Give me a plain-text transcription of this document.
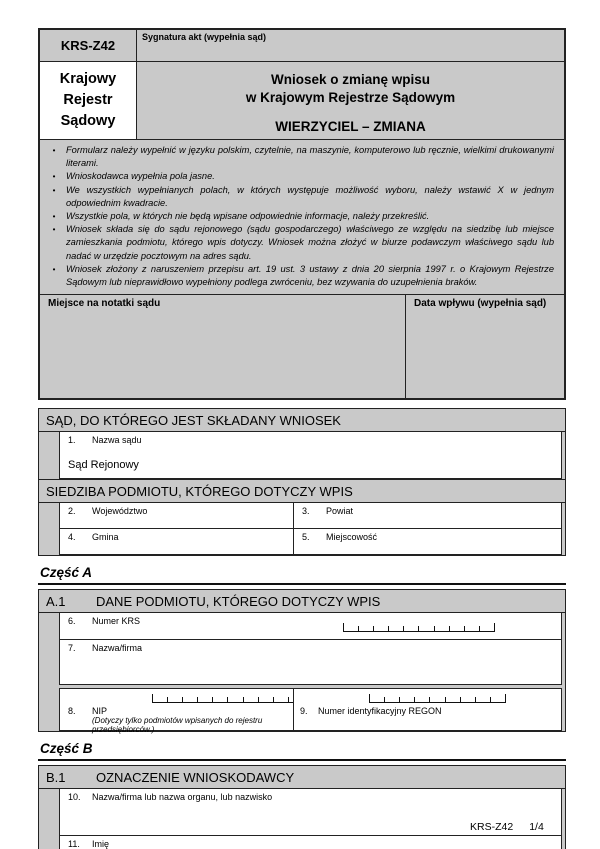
KRS-Z42
Sygnatura akt (wypełnia sąd)
Krajowy
Rejestr
Sądowy
Wniosek o zmianę wpisu
w Krajowym Rejestrze Sądowym
WIERZYCIEL – ZMIANA
•	Formularz należy wypełnić w języku polskim, czytelnie, na maszynie, komputerowo lub ręcznie, wielkimi drukowanymi literami.
•	Wnioskodawca wypełnia pola jasne.
•	We wszystkich wypełnianych polach, w których występuje możliwość wyboru, należy wstawić X w jednym odpowiednim kwadracie.
•	Wszystkie pola, w których nie będą wpisane odpowiednie informacje, należy przekreślić.
•	Wniosek składa się do sądu rejonowego (sądu gospodarczego) właściwego ze względu na siedzibę lub miejsce zamieszkania podmiotu, którego wpis dotyczy. Wniosek można złożyć w biurze podawczym właściwego sądu lub nadać w urzędzie pocztowym na adres sądu.
•	Wniosek złożony z naruszeniem przepisu art. 19 ust. 3 ustawy z dnia 20 sierpnia 1997 r. o Krajowym Rejestrze Sądowym lub nieprawidłowo wypełniony podlega zwróceniu, bez wzywania do uzupełnienia braków.
Miejsce na notatki sądu	Data wpływu (wypełnia sąd)
SĄD, DO KTÓREGO JEST SKŁADANY WNIOSEK
1.	Nazwa sądu
Sąd Rejonowy
SIEDZIBA PODMIOTU, KTÓREGO DOTYCZY WPIS
2.	Województwo	3.	Powiat
4.	Gmina	5.	Miejscowość
Część A
A.1	DANE PODMIOTU, KTÓREGO DOTYCZY WPIS
6.	Numer KRS
7.	Nazwa/firma
8.	NIP
(Dotyczy tylko podmiotów wpisanych do rejestru przedsiębiorców.)
9.	Numer identyfikacyjny REGON
Część B
B.1	OZNACZENIE WNIOSKODAWCY
10.	Nazwa/firma lub nazwa organu, lub nazwisko
11.	Imię
KRS-Z42 1/4
